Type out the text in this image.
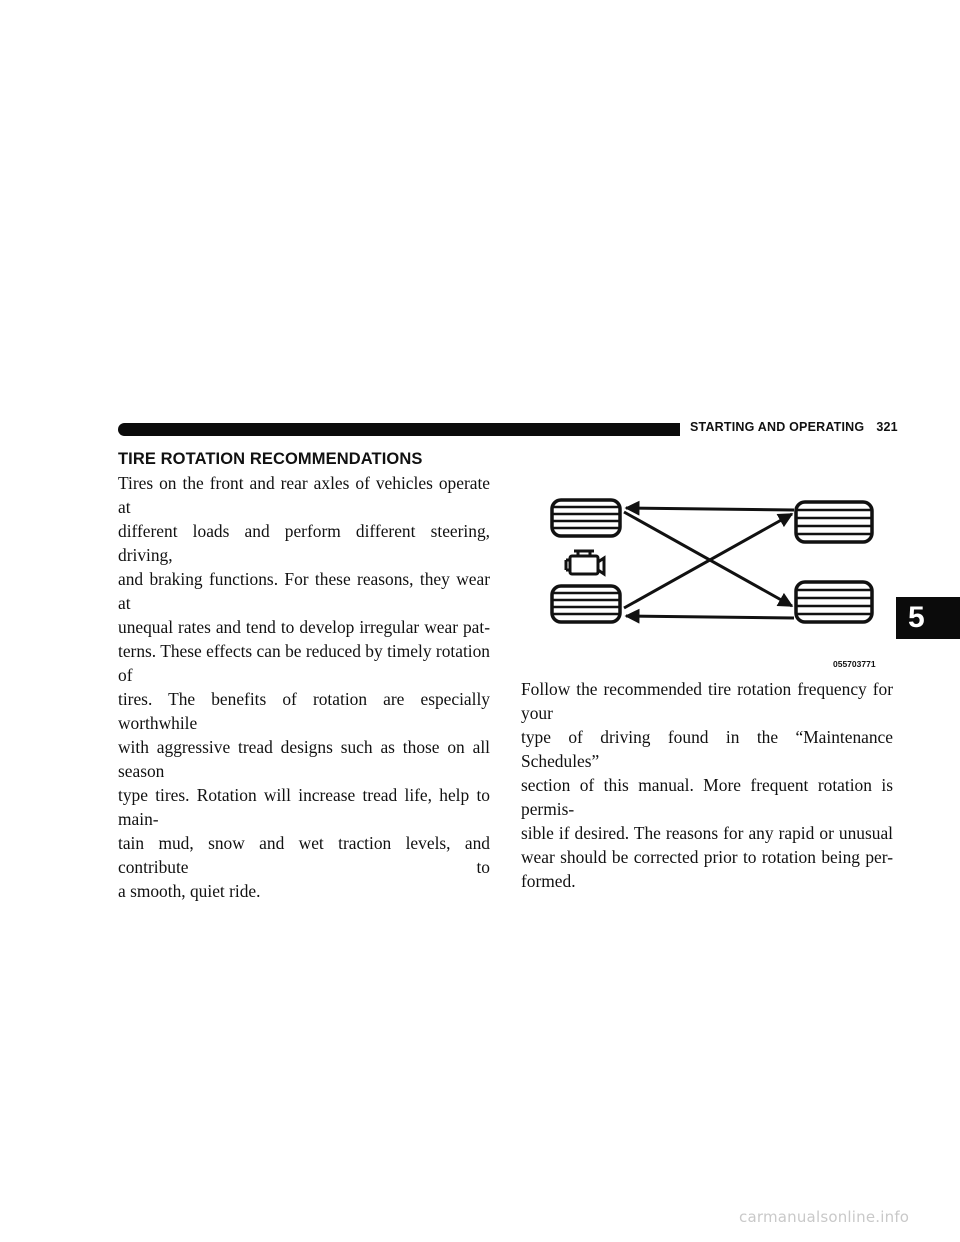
STARTING AND OPERATING 321
TIRE ROTATION RECOMMENDATIONS
Tires on the front and rear axles of vehicles operate at
different loads and perform different steering, driving,
and braking functions. For these reasons, they wear at
unequal rates and tend to develop irregular wear pat-
terns. These effects can be reduced by timely rotation of
tires. The benefits of rotation are especially worthwhile
with aggressive tread designs such as those on all season
type tires. Rotation will increase tread life, help to main-
tain mud, snow and wet traction levels, and contribute to
a smooth, quiet ride.
055703771
Follow the recommended tire rotation frequency for your
type of driving found in the “Maintenance Schedules”
section of this manual. More frequent rotation is permis-
sible if desired. The reasons for any rapid or unusual
wear should be corrected prior to rotation being per-
formed.
5
carmanualsonline.info
